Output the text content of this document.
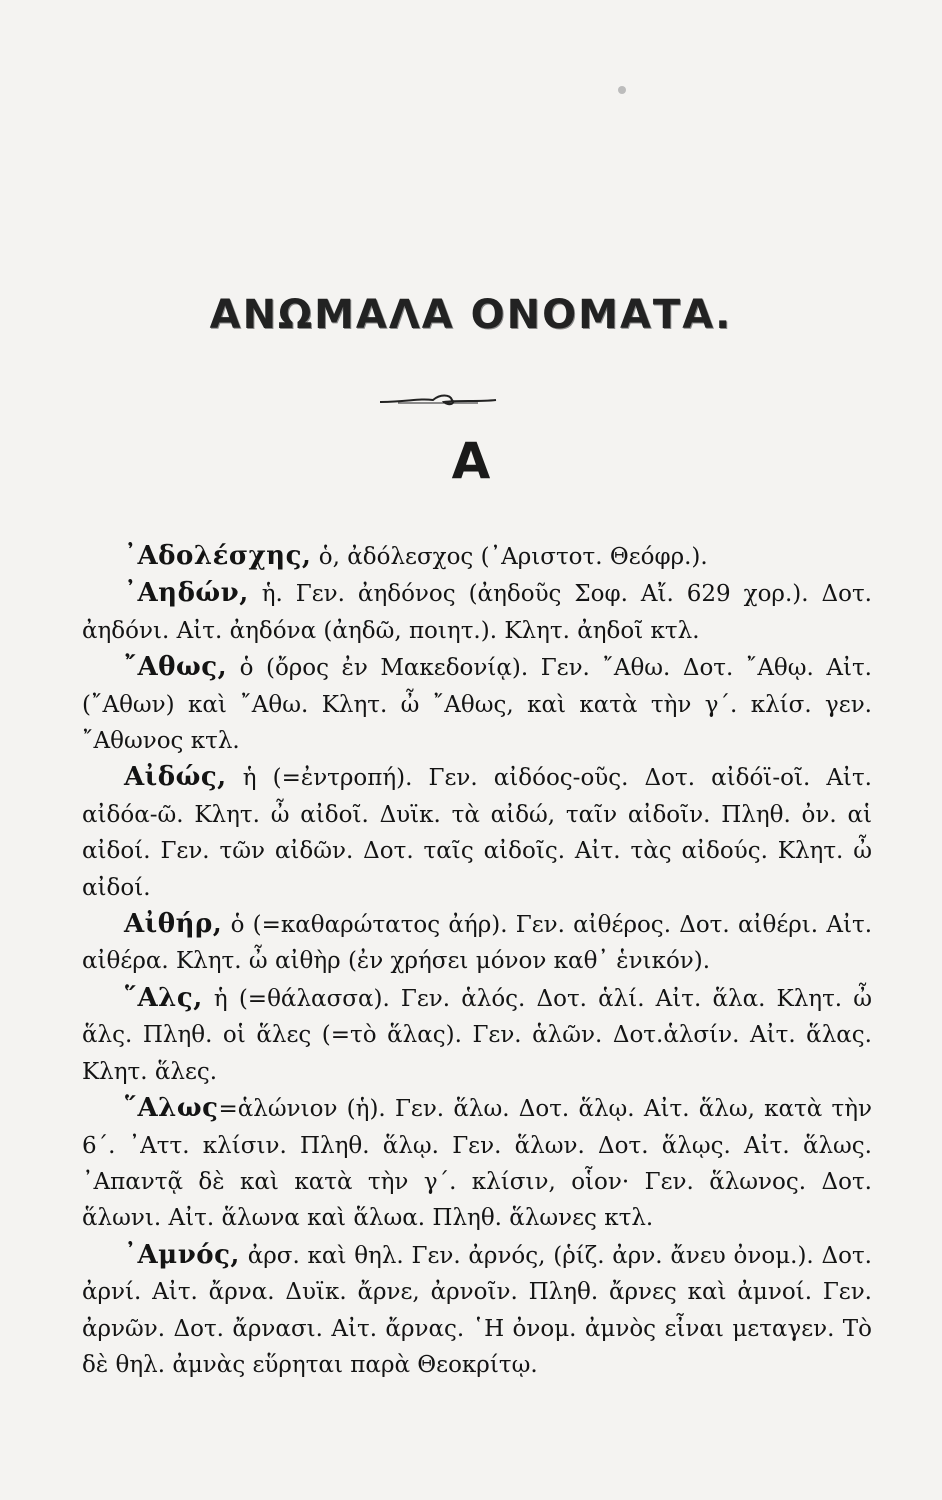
ΑΝΩΜΑΛΑ ΟΝΟΜΑΤΑ.
Α

᾿Αδολέσχης, ὁ, ἀδόλεσχος (᾿Αριστοτ. Θεόφρ.).

᾿Αηδών, ἡ. Γεν. ἀηδόνος (ἀηδοῦς Σοφ. Αἴ. 629 χορ.). Δοτ. ἀηδόνι. Αἰτ. ἀηδόνα (ἀηδῶ, ποιητ.). Κλητ. ἀηδοῖ κτλ.

῎Αθως, ὁ (ὄρος ἐν Μακεδονίᾳ). Γεν. ῎Αθω. Δοτ. ῎Αθῳ. Αἰτ. (῎Αθων) καὶ ῎Αθω. Κλητ. ὦ ῎Αθως, καὶ κατὰ τὴν γ΄. κλίσ. γεν. ῎Αθωνος κτλ.

Αἰδώς, ἡ (=ἐντροπή). Γεν. αἰδόος-οῦς. Δοτ. αἰδόϊ-οῖ. Αἰτ. αἰδόα-ῶ. Κλητ. ὦ αἰδοῖ. Δυϊκ. τὰ αἰδώ, ταῖν αἰδοῖν. Πληθ. ὀν. αἱ αἰδοί. Γεν. τῶν αἰδῶν. Δοτ. ταῖς αἰδοῖς. Αἰτ. τὰς αἰδούς. Κλητ. ὦ αἰδοί.

Αἰθήρ, ὁ (=καθαρώτατος ἀήρ). Γεν. αἰθέρος. Δοτ. αἰθέρι. Αἰτ. αἰθέρα. Κλητ. ὦ αἰθὴρ (ἐν χρήσει μόνον καθ᾿ ἑνικόν).

῞Αλς, ἡ (=θάλασσα). Γεν. ἁλός. Δοτ. ἁλί. Αἰτ. ἅλα. Κλητ. ὦ ἅλς. Πληθ. οἱ ἅλες (=τὸ ἅλας). Γεν. ἁλῶν. Δοτ.ἁλσίν. Αἰτ. ἅλας. Κλητ. ἅλες.

῞Αλως=ἁλώνιον (ἡ). Γεν. ἅλω. Δοτ. ἅλῳ. Αἰτ. ἅλω, κατὰ τὴν 6΄. ᾿Αττ. κλίσιν. Πληθ. ἅλῳ. Γεν. ἅλων. Δοτ. ἅλῳς. Αἰτ. ἅλως. ᾿Απαντᾷ δὲ καὶ κατὰ τὴν γ΄. κλίσιν, οἷον· Γεν. ἅλωνος. Δοτ. ἅλωνι. Αἰτ. ἅλωνα καὶ ἅλωα. Πληθ. ἅλωνες κτλ.

᾿Αμνός, ἀρσ. καὶ θηλ. Γεν. ἀρνός, (ῥίζ. ἀρν. ἄνευ ὀνομ.). Δοτ. ἀρνί. Αἰτ. ἄρνα. Δυϊκ. ἄρνε, ἀρνοῖν. Πληθ. ἄρνες καὶ ἀμνοί. Γεν. ἀρνῶν. Δοτ. ἄρνασι. Αἰτ. ἄρνας. ῾Η ὀνομ. ἀμνὸς εἶναι μεταγεν. Τὸ δὲ θηλ. ἀμνὰς εὕρηται παρὰ Θεοκρίτῳ.
